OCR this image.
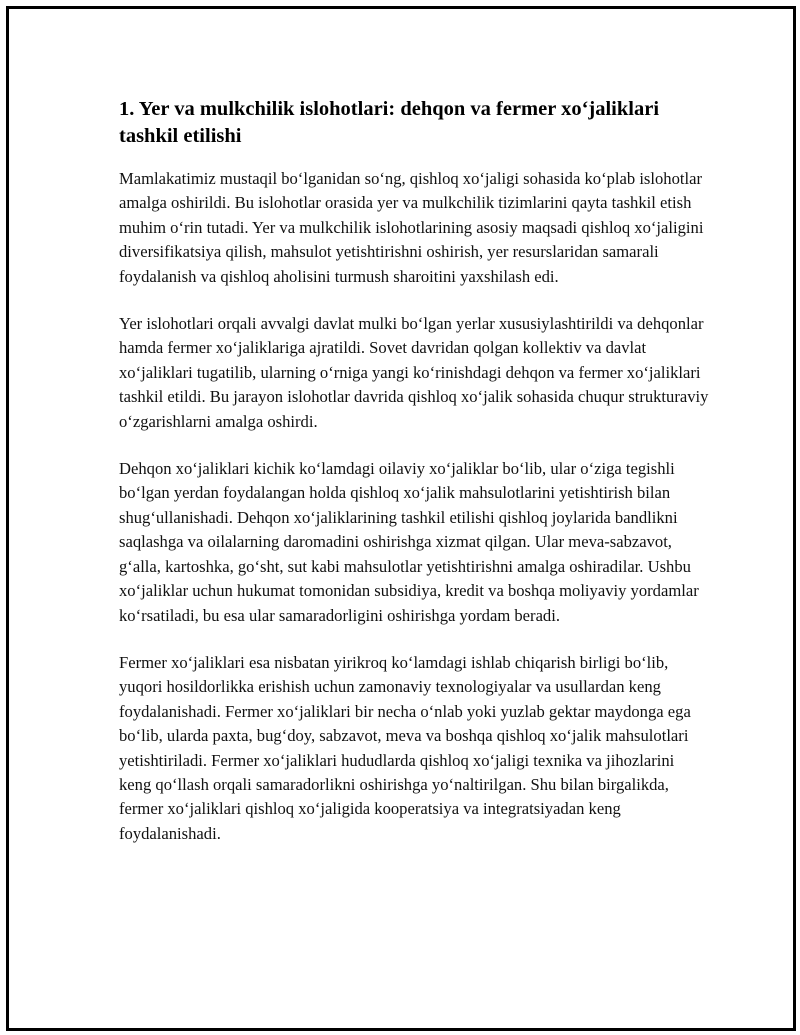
1. Yer va mulkchilik islohotlari: dehqon va fermer xo‘jaliklari tashkil etilishi

Mamlakatimiz mustaqil bo‘lganidan so‘ng, qishloq xo‘jaligi sohasida ko‘plab islohotlar amalga oshirildi. Bu islohotlar orasida yer va mulkchilik tizimlarini qayta tashkil etish muhim o‘rin tutadi. Yer va mulkchilik islohotlarining asosiy maqsadi qishloq xo‘jaligini diversifikatsiya qilish, mahsulot yetishtirishni oshirish, yer resurslaridan samarali foydalanish va qishloq aholisini turmush sharoitini yaxshilash edi.

Yer islohotlari orqali avvalgi davlat mulki bo‘lgan yerlar xususiylashtirildi va dehqonlar hamda fermer xo‘jaliklariga ajratildi. Sovet davridan qolgan kollektiv va davlat xo‘jaliklari tugatilib, ularning o‘rniga yangi ko‘rinishdagi dehqon va fermer xo‘jaliklari tashkil etildi. Bu jarayon islohotlar davrida qishloq xo‘jalik sohasida chuqur strukturaviy o‘zgarishlarni amalga oshirdi.

Dehqon xo‘jaliklari kichik ko‘lamdagi oilaviy xo‘jaliklar bo‘lib, ular o‘ziga tegishli bo‘lgan yerdan foydalangan holda qishloq xo‘jalik mahsulotlarini yetishtirish bilan shug‘ullanishadi. Dehqon xo‘jaliklarining tashkil etilishi qishloq joylarida bandlikni saqlashga va oilalarning daromadini oshirishga xizmat qilgan. Ular meva-sabzavot, g‘alla, kartoshka, go‘sht, sut kabi mahsulotlar yetishtirishni amalga oshiradilar. Ushbu xo‘jaliklar uchun hukumat tomonidan subsidiya, kredit va boshqa moliyaviy yordamlar ko‘rsatiladi, bu esa ular samaradorligini oshirishga yordam beradi.

Fermer xo‘jaliklari esa nisbatan yirikroq ko‘lamdagi ishlab chiqarish birligi bo‘lib, yuqori hosildorlikka erishish uchun zamonaviy texnologiyalar va usullardan keng foydalanishadi. Fermer xo‘jaliklari bir necha o‘nlab yoki yuzlab gektar maydonga ega bo‘lib, ularda paxta, bug‘doy, sabzavot, meva va boshqa qishloq xo‘jalik mahsulotlari yetishtiriladi. Fermer xo‘jaliklari hududlarda qishloq xo‘jaligi texnika va jihozlarini keng qo‘llash orqali samaradorlikni oshirishga yo‘naltirilgan. Shu bilan birgalikda, fermer xo‘jaliklari qishloq xo‘jaligida kooperatsiya va integratsiyadan keng foydalanishadi.
